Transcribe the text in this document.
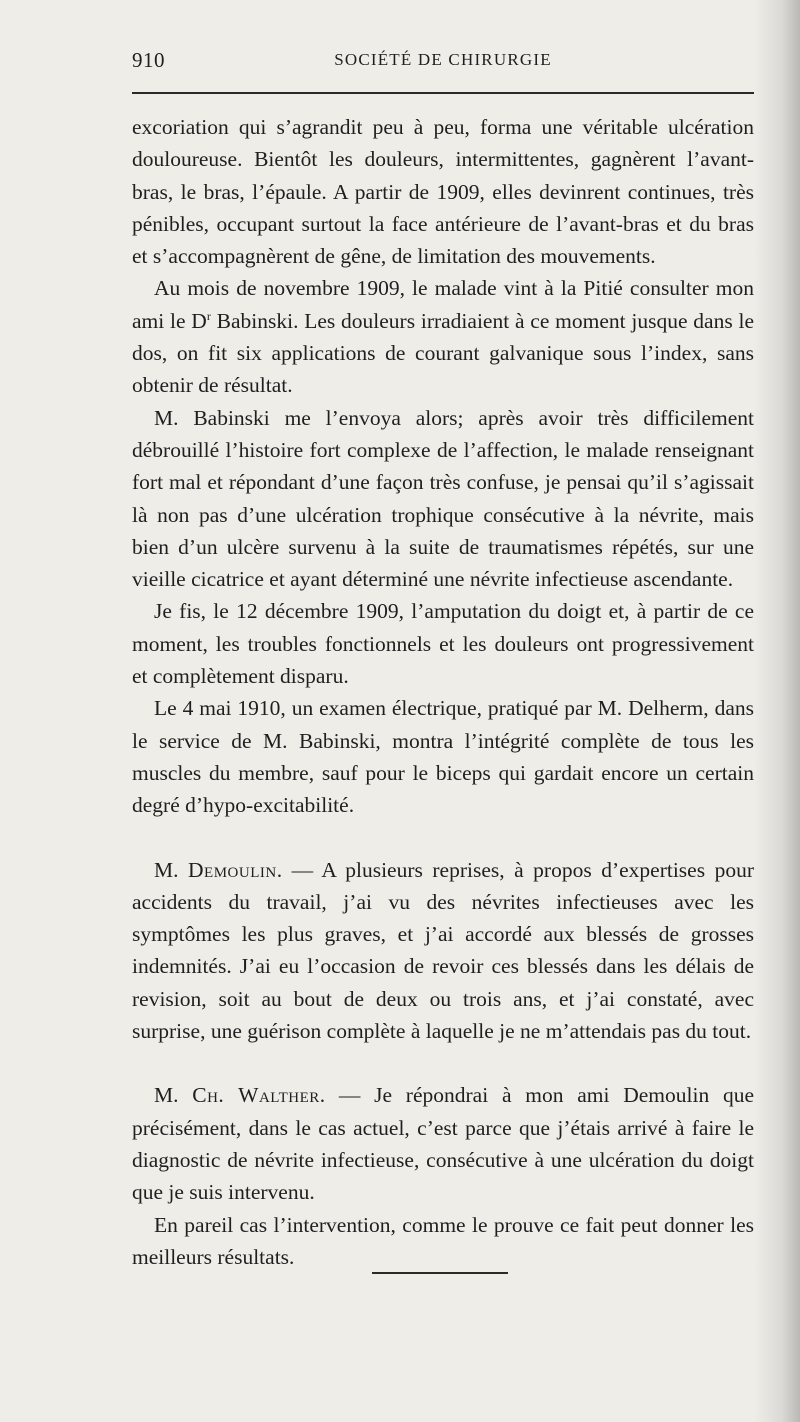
910	SOCIÉTÉ DE CHIRURGIE

excoriation qui s’agrandit peu à peu, forma une véritable ulcération douloureuse. Bientôt les douleurs, intermittentes, gagnèrent l’avant-bras, le bras, l’épaule. A partir de 1909, elles devinrent continues, très pénibles, occupant surtout la face antérieure de l’avant-bras et du bras et s’accompagnèrent de gêne, de limitation des mouvements.

Au mois de novembre 1909, le malade vint à la Pitié consulter mon ami le $D^r$ Babinski. Les douleurs irradiaient à ce moment jusque dans le dos, on fit six applications de courant galvanique sous l’index, sans obtenir de résultat.

M. Babinski me l’envoya alors; après avoir très difficilement débrouillé l’histoire fort complexe de l’affection, le malade renseignant fort mal et répondant d’une façon très confuse, je pensai qu’il s’agissait là non pas d’une ulcération trophique consécutive à la névrite, mais bien d’un ulcère survenu à la suite de traumatismes répétés, sur une vieille cicatrice et ayant déterminé une névrite infectieuse ascendante.

Je fis, le 12 décembre 1909, l’amputation du doigt et, à partir de ce moment, les troubles fonctionnels et les douleurs ont progressivement et complètement disparu.

Le 4 mai 1910, un examen électrique, pratiqué par M. Delherm, dans le service de M. Babinski, montra l’intégrité complète de tous les muscles du membre, sauf pour le biceps qui gardait encore un certain degré d’hypo-excitabilité.

M. Demoulin. — A plusieurs reprises, à propos d’expertises pour accidents du travail, j’ai vu des névrites infectieuses avec les symptômes les plus graves, et j’ai accordé aux blessés de grosses indemnités. J’ai eu l’occasion de revoir ces blessés dans les délais de revision, soit au bout de deux ou trois ans, et j’ai constaté, avec surprise, une guérison complète à laquelle je ne m’attendais pas du tout.

M. Ch. Walther. — Je répondrai à mon ami Demoulin que précisément, dans le cas actuel, c’est parce que j’étais arrivé à faire le diagnostic de névrite infectieuse, consécutive à une ulcération du doigt que je suis intervenu.

En pareil cas l’intervention, comme le prouve ce fait peut donner les meilleurs résultats.
